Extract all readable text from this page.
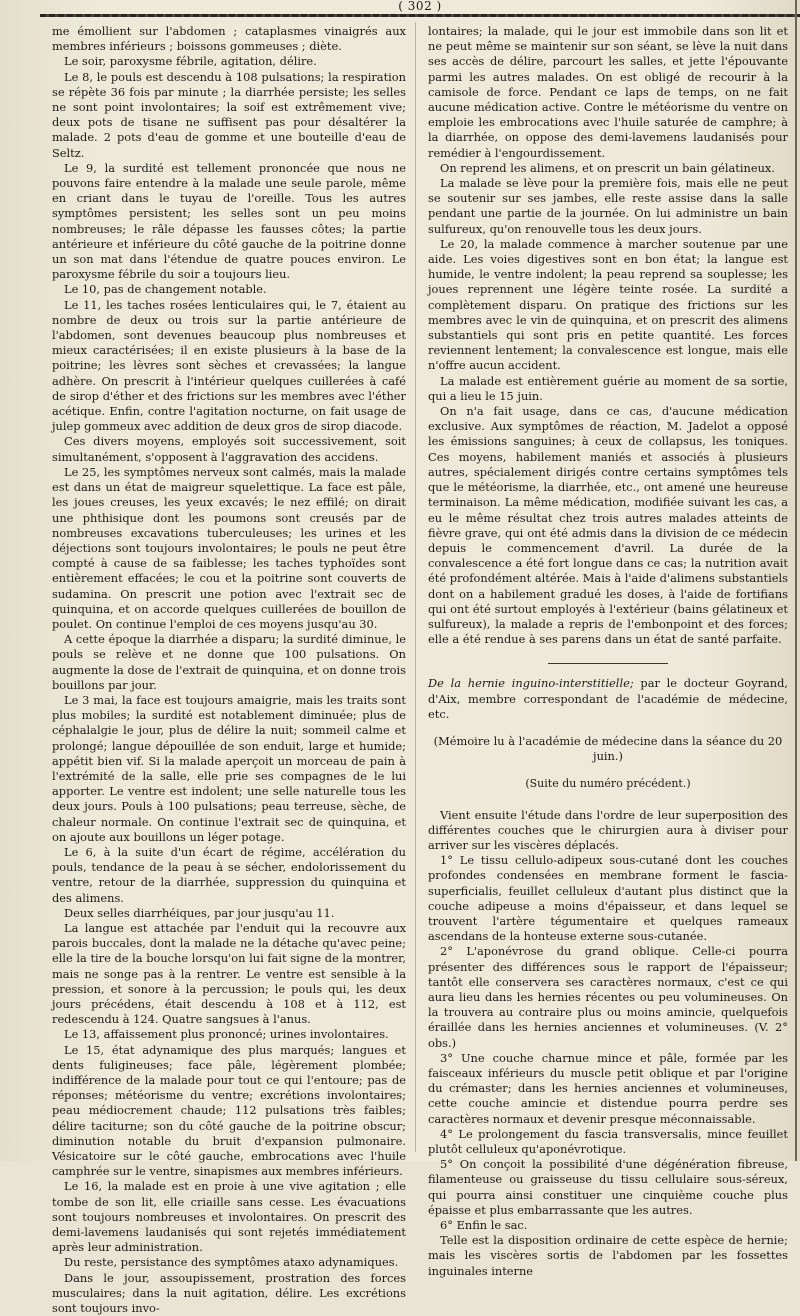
( 302 )

me émollient sur l'abdomen ; cataplasmes vinaigrés aux membres inférieurs ; boissons gommeuses ; diète.

Le soir, paroxysme fébrile, agitation, délire.

Le 8, le pouls est descendu à 108 pulsations; la respiration se répète 36 fois par minute ; la diarrhée persiste; les selles ne sont point involontaires; la soif est extrêmement vive; deux pots de tisane ne suffisent pas pour désaltérer la malade. 2 pots d'eau de gomme et une bouteille d'eau de Seltz.

Le 9, la surdité est tellement prononcée que nous ne pouvons faire entendre à la malade une seule parole, même en criant dans le tuyau de l'oreille. Tous les autres symptômes persistent; les selles sont un peu moins nombreuses; le râle dépasse les fausses côtes; la partie antérieure et inférieure du côté gauche de la poitrine donne un son mat dans l'étendue de quatre pouces environ. Le paroxysme fébrile du soir a toujours lieu.

Le 10, pas de changement notable.

Le 11, les taches rosées lenticulaires qui, le 7, étaient au nombre de deux ou trois sur la partie antérieure de l'abdomen, sont devenues beaucoup plus nombreuses et mieux caractérisées; il en existe plusieurs à la base de la poitrine; les lèvres sont sèches et crevassées; la langue adhère. On prescrit à l'intérieur quelques cuillerées à café de sirop d'éther et des frictions sur les membres avec l'éther acétique. Enfin, contre l'agitation nocturne, on fait usage de julep gommeux avec addition de deux gros de sirop diacode.

Ces divers moyens, employés soit successivement, soit simultanément, s'opposent à l'aggravation des accidens.

Le 25, les symptômes nerveux sont calmés, mais la malade est dans un état de maigreur squelettique. La face est pâle, les joues creuses, les yeux excavés; le nez effilé; on dirait une phthisique dont les poumons sont creusés par de nombreuses excavations tuberculeuses; les urines et les déjections sont toujours involontaires; le pouls ne peut être compté à cause de sa faiblesse; les taches typhoïdes sont entièrement effacées; le cou et la poitrine sont couverts de sudamina. On prescrit une potion avec l'extrait sec de quinquina, et on accorde quelques cuillerées de bouillon de poulet. On continue l'emploi de ces moyens jusqu'au 30.

A cette époque la diarrhée a disparu; la surdité diminue, le pouls se relève et ne donne que 100 pulsations. On augmente la dose de l'extrait de quinquina, et on donne trois bouillons par jour.

Le 3 mai, la face est toujours amaigrie, mais les traits sont plus mobiles; la surdité est notablement diminuée; plus de céphalalgie le jour, plus de délire la nuit; sommeil calme et prolongé; langue dépouillée de son enduit, large et humide; appétit bien vif. Si la malade aperçoit un morceau de pain à l'extrémité de la salle, elle prie ses compagnes de le lui apporter. Le ventre est indolent; une selle naturelle tous les deux jours. Pouls à 100 pulsations; peau terreuse, sèche, de chaleur normale. On continue l'extrait sec de quinquina, et on ajoute aux bouillons un léger potage.

Le 6, à la suite d'un écart de régime, accélération du pouls, tendance de la peau à se sécher, endolorissement du ventre, retour de la diarrhée, suppression du quinquina et des alimens.

Deux selles diarrhéiques, par jour jusqu'au 11.

La langue est attachée par l'enduit qui la recouvre aux parois buccales, dont la malade ne la détache qu'avec peine; elle la tire de la bouche lorsqu'on lui fait signe de la montrer, mais ne songe pas à la rentrer. Le ventre est sensible à la pression, et sonore à la percussion; le pouls qui, les deux jours précédens, était descendu à 108 et à 112, est redescendu à 124. Quatre sangsues à l'anus.

Le 13, affaissement plus prononcé; urines involontaires.

Le 15, état adynamique des plus marqués; langues et dents fuligineuses; face pâle, légèrement plombée; indifférence de la malade pour tout ce qui l'entoure; pas de réponses; météorisme du ventre; excrétions involontaires; peau médiocrement chaude; 112 pulsations très faibles; délire taciturne; son du côté gauche de la poitrine obscur; diminution notable du bruit d'expansion pulmonaire. Vésicatoire sur le côté gauche, embrocations avec l'huile camphrée sur le ventre, sinapismes aux membres inférieurs.

Le 16, la malade est en proie à une vive agitation ; elle tombe de son lit, elle criaille sans cesse. Les évacuations sont toujours nombreuses et involontaires. On prescrit des demi-lavemens laudanisés qui sont rejetés immédiatement après leur administration.

Du reste, persistance des symptômes ataxo adynamiques.

Dans le jour, assoupissement, prostration des forces musculaires; dans la nuit agitation, délire. Les excrétions sont toujours invo-

lontaires; la malade, qui le jour est immobile dans son lit et ne peut même se maintenir sur son séant, se lève la nuit dans ses accès de délire, parcourt les salles, et jette l'épouvante parmi les autres malades. On est obligé de recourir à la camisole de force. Pendant ce laps de temps, on ne fait aucune médication active. Contre le météorisme du ventre on emploie les embrocations avec l'huile saturée de camphre; à la diarrhée, on oppose des demi-lavemens laudanisés pour remédier à l'engourdissement.

On reprend les alimens, et on prescrit un bain gélatineux.

La malade se lève pour la première fois, mais elle ne peut se soutenir sur ses jambes, elle reste assise dans la salle pendant une partie de la journée. On lui administre un bain sulfureux, qu'on renouvelle tous les deux jours.

Le 20, la malade commence à marcher soutenue par une aide. Les voies digestives sont en bon état; la langue est humide, le ventre indolent; la peau reprend sa souplesse; les joues reprennent une légère teinte rosée. La surdité a complètement disparu. On pratique des frictions sur les membres avec le vin de quinquina, et on prescrit des alimens substantiels qui sont pris en petite quantité. Les forces reviennent lentement; la convalescence est longue, mais elle n'offre aucun accident.

La malade est entièrement guérie au moment de sa sortie, qui a lieu le 15 juin.

On n'a fait usage, dans ce cas, d'aucune médication exclusive. Aux symptômes de réaction, M. Jadelot a opposé les émissions sanguines; à ceux de collapsus, les toniques. Ces moyens, habilement maniés et associés à plusieurs autres, spécialement dirigés contre certains symptômes tels que le météorisme, la diarrhée, etc., ont amené une heureuse terminaison. La même médication, modifiée suivant les cas, a eu le même résultat chez trois autres malades atteints de fièvre grave, qui ont été admis dans la division de ce médecin depuis le commencement d'avril. La durée de la convalescence a été fort longue dans ce cas; la nutrition avait été profondément altérée. Mais à l'aide d'alimens substantiels dont on a habilement gradué les doses, à l'aide de fortifians qui ont été surtout employés à l'extérieur (bains gélatineux et sulfureux), la malade a repris de l'embonpoint et des forces; elle a été rendue à ses parens dans un état de santé parfaite.

De la hernie inguino-interstitielle; par le docteur Goyrand, d'Aix, membre correspondant de l'académie de médecine, etc.

(Mémoire lu à l'académie de médecine dans la séance du 20 juin.)

(Suite du numéro précédent.)

Vient ensuite l'étude dans l'ordre de leur superposition des différentes couches que le chirurgien aura à diviser pour arriver sur les viscères déplacés.

1° Le tissu cellulo-adipeux sous-cutané dont les couches profondes condensées en membrane forment le fascia-superficialis, feuillet celluleux d'autant plus distinct que la couche adipeuse a moins d'épaisseur, et dans lequel se trouvent l'artère tégumentaire et quelques rameaux ascendans de la honteuse externe sous-cutanée.

2° L'aponévrose du grand oblique. Celle-ci pourra présenter des différences sous le rapport de l'épaisseur; tantôt elle conservera ses caractères normaux, c'est ce qui aura lieu dans les hernies récentes ou peu volumineuses. On la trouvera au contraire plus ou moins amincie, quelquefois éraillée dans les hernies anciennes et volumineuses. (V. 2° obs.)

3° Une couche charnue mince et pâle, formée par les faisceaux inférieurs du muscle petit oblique et par l'origine du crémaster; dans les hernies anciennes et volumineuses, cette couche amincie et distendue pourra perdre ses caractères normaux et devenir presque méconnaissable.

4° Le prolongement du fascia transversalis, mince feuillet plutôt celluleux qu'aponévrotique.

5° On conçoit la possibilité d'une dégénération fibreuse, filamenteuse ou graisseuse du tissu cellulaire sous-séreux, qui pourra ainsi constituer une cinquième couche plus épaisse et plus embarrassante que les autres.

6° Enfin le sac.

Telle est la disposition ordinaire de cette espèce de hernie; mais les viscères sortis de l'abdomen par les fossettes inguinales interne
